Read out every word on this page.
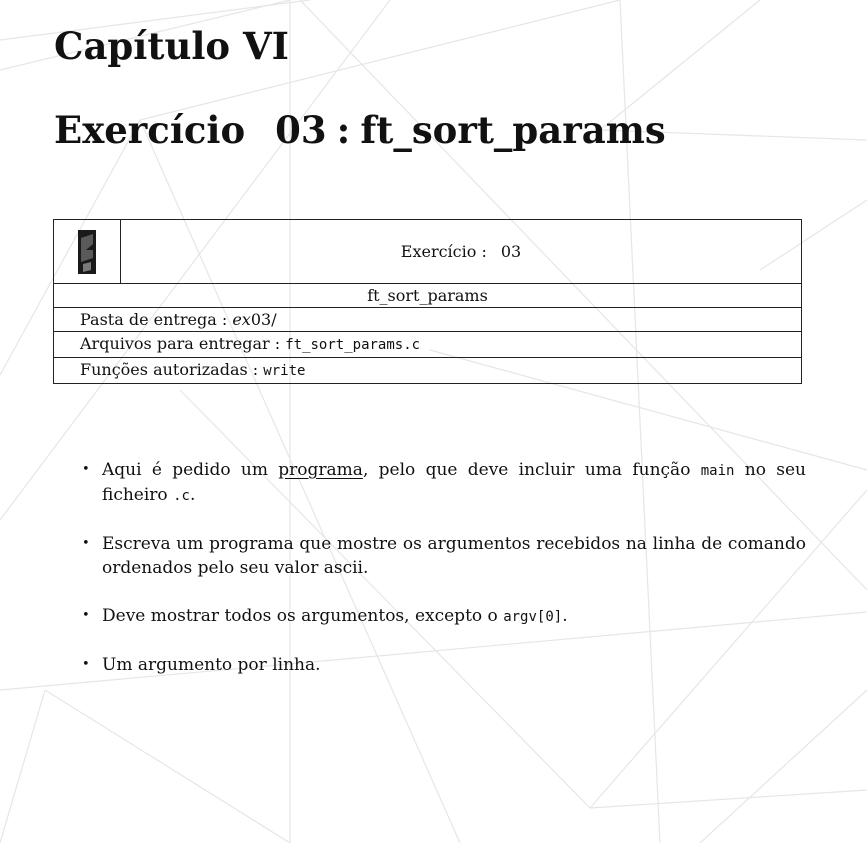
Capítulo VI
Exercício 03 : ft_sort_params
	Exercício : 03
ft_sort_params
Pasta de entrega : ex03/
Arquivos para entregar : ft_sort_params.c
Funções autorizadas : write
• Aqui é pedido um programa, pelo que deve incluir uma função main no seu ficheiro .c.
• Escreva um programa que mostre os argumentos recebidos na linha de comando ordenados pelo seu valor ascii.
• Deve mostrar todos os argumentos, excepto o argv[0].
• Um argumento por linha.
